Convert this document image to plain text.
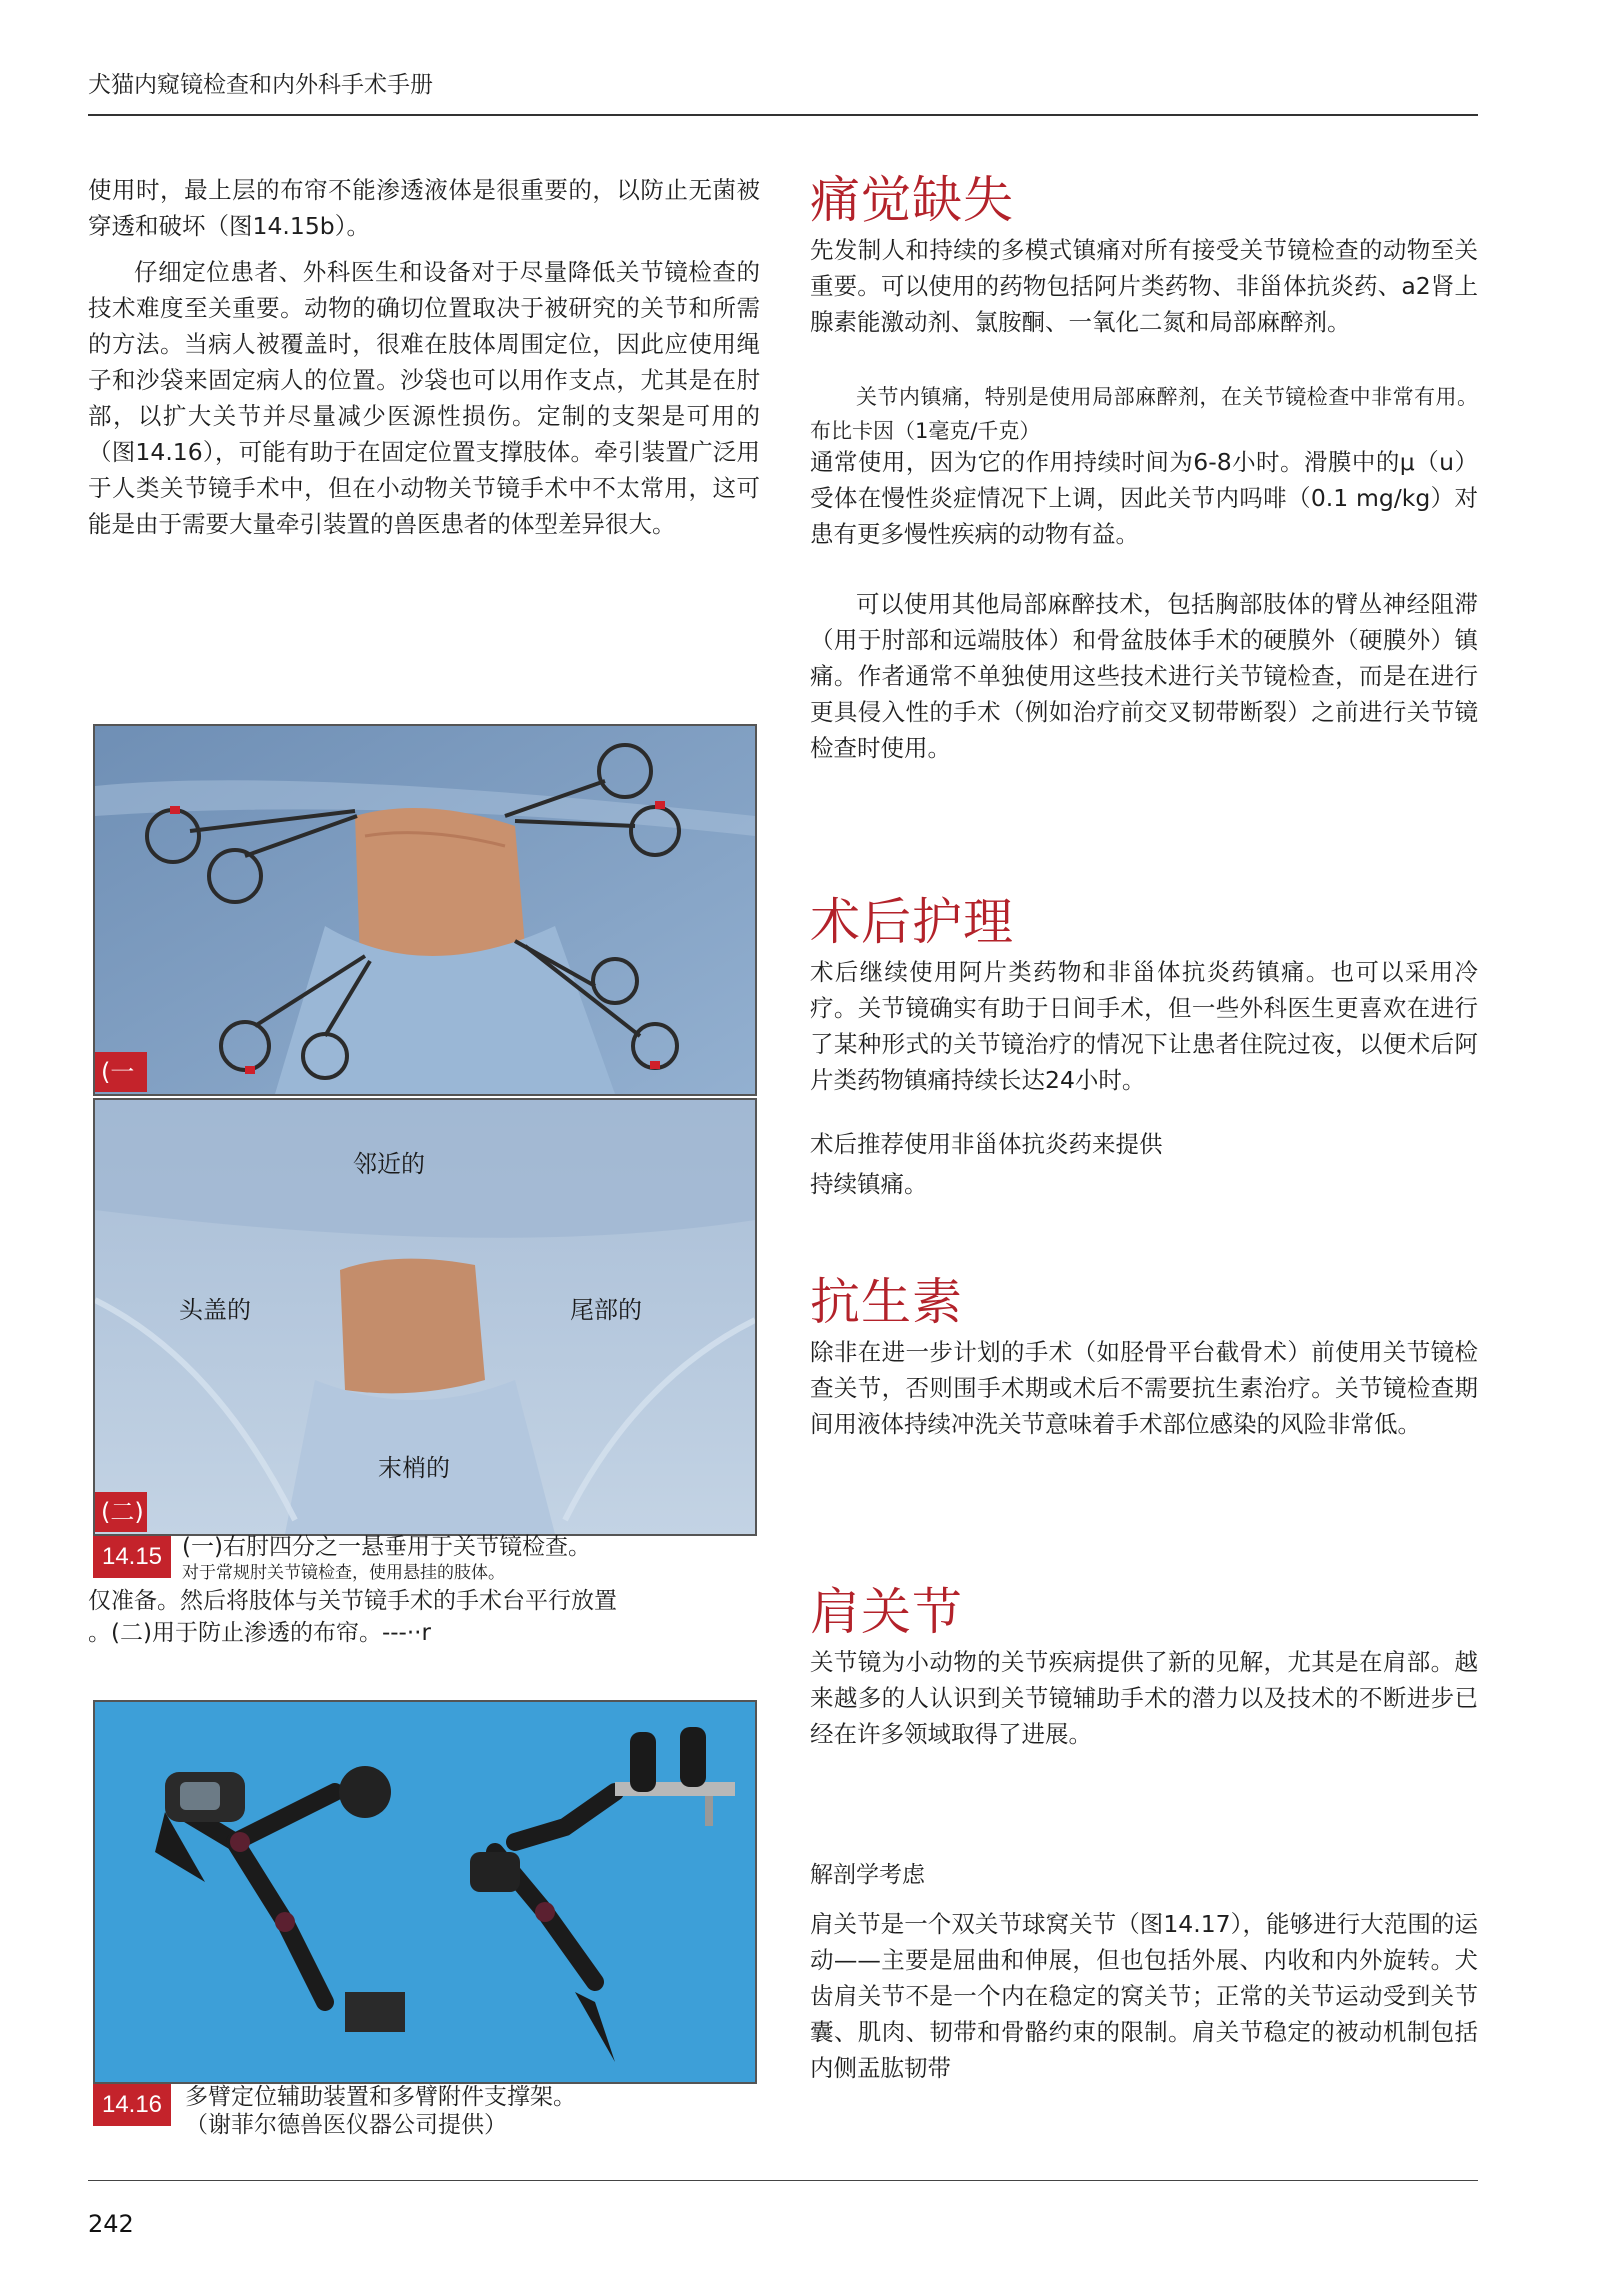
犬猫内窥镜检查和内外科手术手册
使用时，最上层的布帘不能渗透液体是很重要的，以防止无菌被穿透和破坏（图14.15b）。
仔细定位患者、外科医生和设备对于尽量降低关节镜检查的技术难度至关重要。动物的确切位置取决于被研究的关节和所需的方法。当病人被覆盖时，很难在肢体周围定位，因此应使用绳子和沙袋来固定病人的位置。沙袋也可以用作支点，尤其是在肘部，以扩大关节并尽量减少医源性损伤。定制的支架是可用的（图14.16），可能有助于在固定位置支撑肢体。牵引装置广泛用于人类关节镜手术中，但在小动物关节镜手术中不太常用，这可能是由于需要大量牵引装置的兽医患者的体型差异很大。
(一
邻近的
头盖的	尾部的
末梢的
(二)
14.15 (一)右肘四分之一悬垂用于关节镜检查。
对于常规肘关节镜检查，使用悬挂的肢体。
仅准备。然后将肢体与关节镜手术的手术台平行放置
。(二)用于防止渗透的布帘。---··r
14.16 多臂定位辅助装置和多臂附件支撑架。
（谢菲尔德兽医仪器公司提供）
痛觉缺失
先发制人和持续的多模式镇痛对所有接受关节镜检查的动物至关重要。可以使用的药物包括阿片类药物、非甾体抗炎药、a2肾上腺素能激动剂、氯胺酮、一氧化二氮和局部麻醉剂。
关节内镇痛，特别是使用局部麻醉剂，在关节镜检查中非常有用。布比卡因（1毫克/千克）
通常使用，因为它的作用持续时间为6-8小时。滑膜中的μ（u）受体在慢性炎症情况下上调，因此关节内吗啡（0.1 mg/kg）对患有更多慢性疾病的动物有益。
可以使用其他局部麻醉技术，包括胸部肢体的臂丛神经阻滞（用于肘部和远端肢体）和骨盆肢体手术的硬膜外（硬膜外）镇痛。作者通常不单独使用这些技术进行关节镜检查，而是在进行更具侵入性的手术（例如治疗前交叉韧带断裂）之前进行关节镜检查时使用。
术后护理
术后继续使用阿片类药物和非甾体抗炎药镇痛。也可以采用冷疗。关节镜确实有助于日间手术，但一些外科医生更喜欢在进行了某种形式的关节镜治疗的情况下让患者住院过夜，以便术后阿片类药物镇痛持续长达24小时。
术后推荐使用非甾体抗炎药来提供
持续镇痛。
抗生素
除非在进一步计划的手术（如胫骨平台截骨术）前使用关节镜检查关节，否则围手术期或术后不需要抗生素治疗。关节镜检查期间用液体持续冲洗关节意味着手术部位感染的风险非常低。
肩关节
关节镜为小动物的关节疾病提供了新的见解，尤其是在肩部。越来越多的人认识到关节镜辅助手术的潜力以及技术的不断进步已经在许多领域取得了进展。
解剖学考虑
肩关节是一个双关节球窝关节（图14.17），能够进行大范围的运动——主要是屈曲和伸展，但也包括外展、内收和内外旋转。犬齿肩关节不是一个内在稳定的窝关节；正常的关节运动受到关节囊、肌肉、韧带和骨骼约束的限制。肩关节稳定的被动机制包括内侧盂肱韧带
242
